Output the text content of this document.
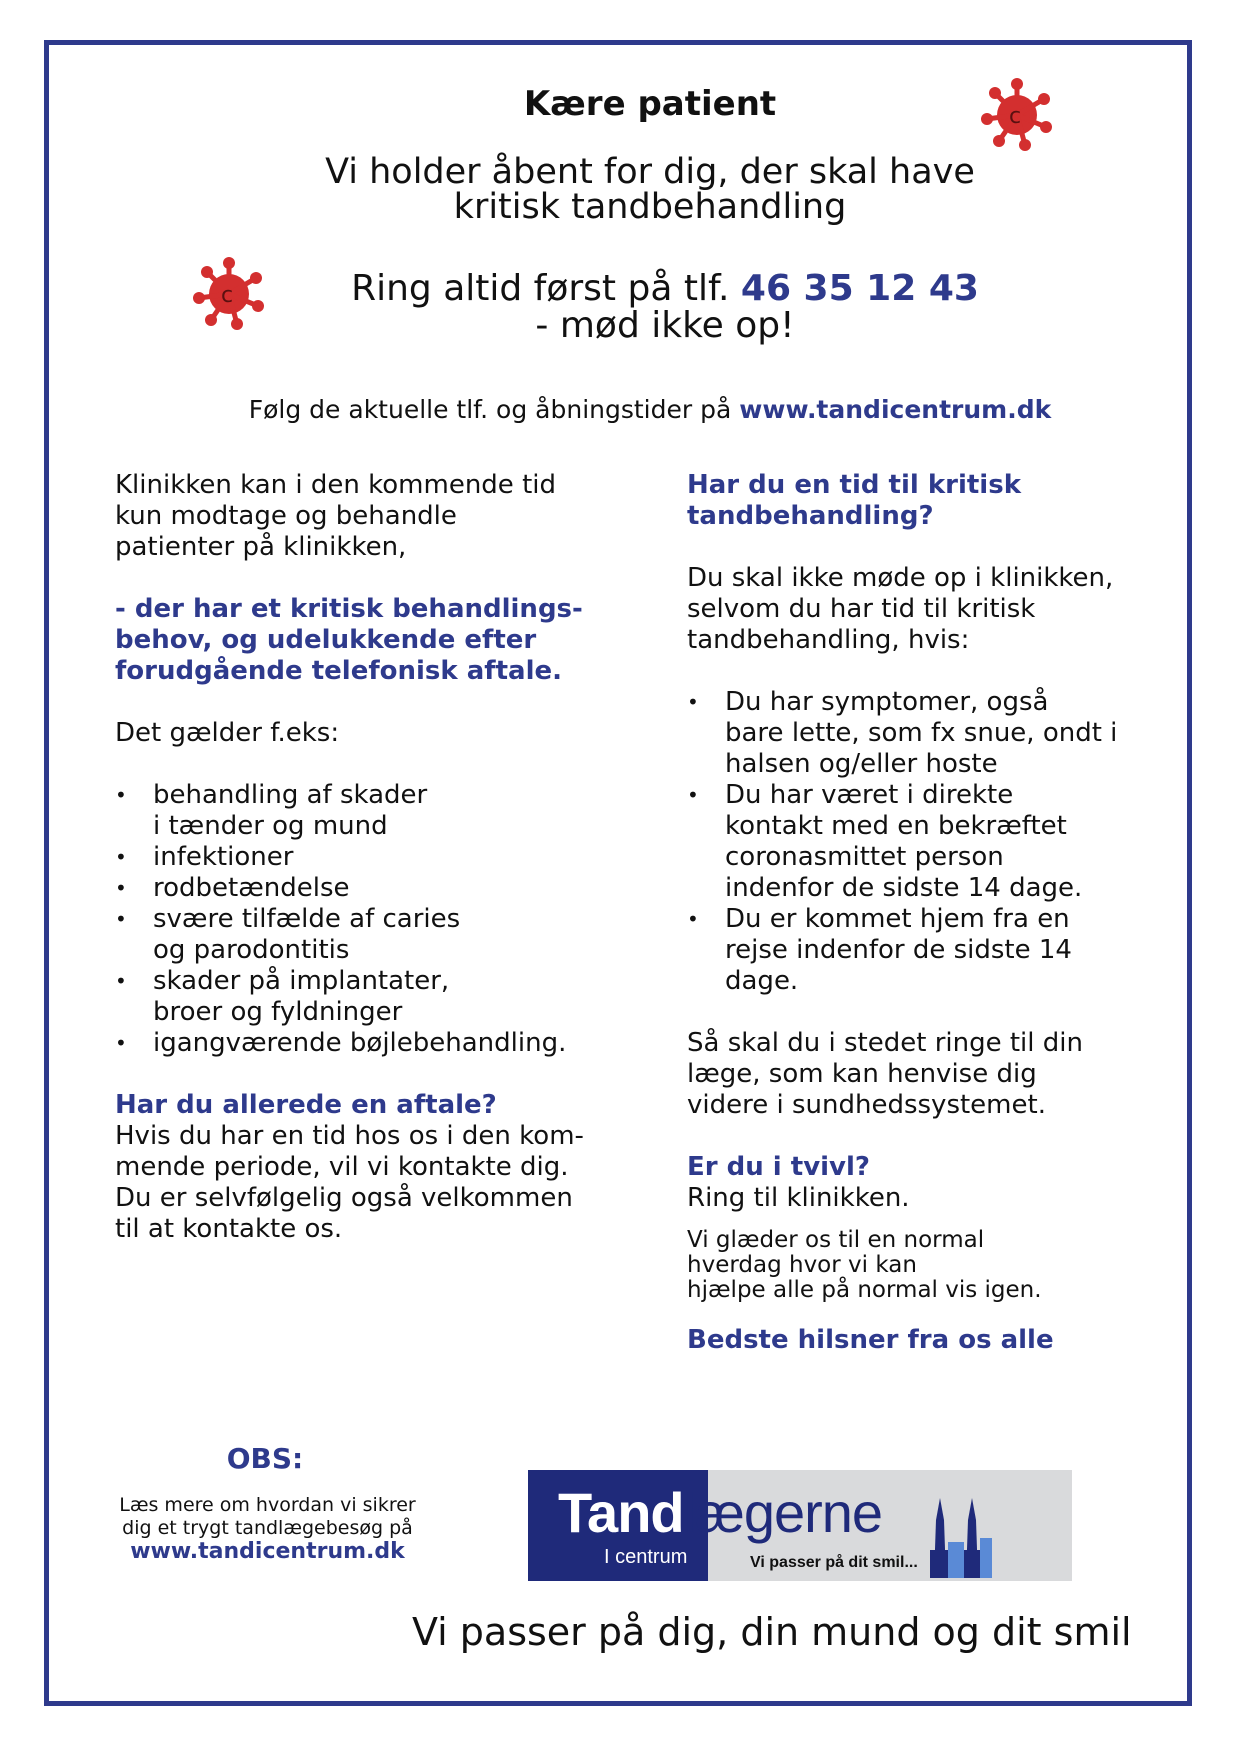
c
c
Kære patient
Vi holder åbent for dig, der skal have
kritisk tandbehandling
Ring altid først på tlf. 46 35 12 43
- mød ikke op!
Følg de aktuelle tlf. og åbningstider på www.tandicentrum.dk

Klinikken kan i den kommende tid
kun modtage og behandle
patienter på klinikken,

- der har et kritisk behandlings-
behov, og udelukkende efter
forudgående telefonisk aftale.

Det gælder f.eks:

• behandling af skader
i tænder og mund
• infektioner
• rodbetændelse
• svære tilfælde af caries
og parodontitis
• skader på implantater,
broer og fyldninger
• igangværende bøjlebehandling.

Har du allerede en aftale?

Hvis du har en tid hos os i den kom-
mende periode, vil vi kontakte dig.
Du er selvfølgelig også velkommen
til at kontakte os.

Har du en tid til kritisk
tandbehandling?

Du skal ikke møde op i klinikken,
selvom du har tid til kritisk
tandbehandling, hvis:

• Du har symptomer, også
bare lette, som fx snue, ondt i
halsen og/eller hoste
• Du har været i direkte
kontakt med en bekræftet
coronasmittet person
indenfor de sidste 14 dage.
• Du er kommet hjem fra en
rejse indenfor de sidste 14
dage.

Så skal du i stedet ringe til din
læge, som kan henvise dig
videre i sundhedssystemet.

Er du i tvivl?

Ring til klinikken.

Vi glæder os til en normal
hverdag hvor vi kan
hjælpe alle på normal vis igen.

Bedste hilsner fra os alle

OBS:
Læs mere om hvordan vi sikrer
dig et trygt tandlægebesøg på
www.tandicentrum.dk
Tandlægerne
I centrum	Vi passer på dit smil...
Vi passer på dig, din mund og dit smil
